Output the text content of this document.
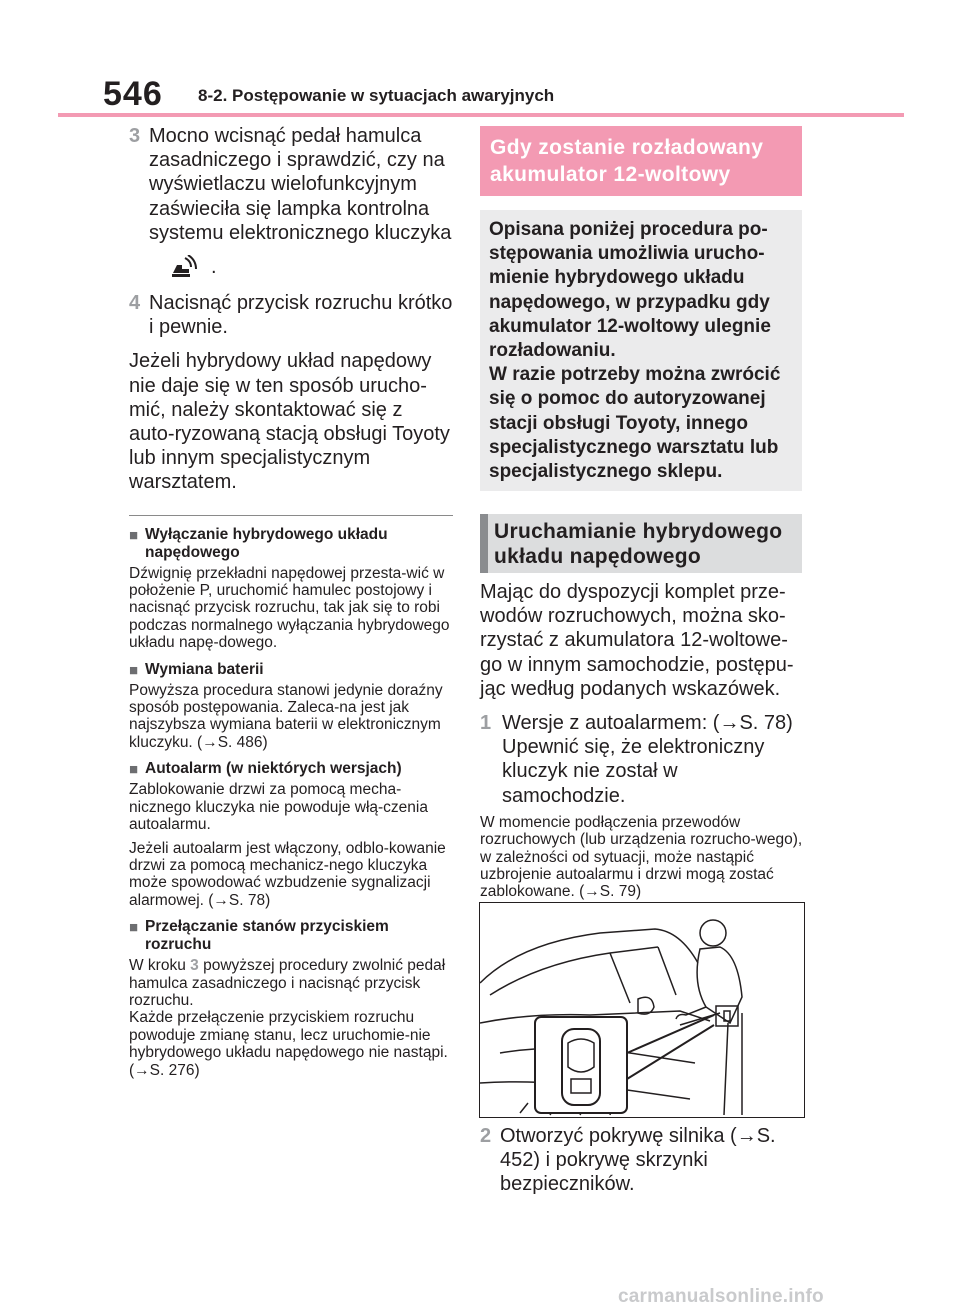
546 8-2. Postępowanie w sytuacjach awaryjnych
3 Mocno wcisnąć pedał hamulca zasadniczego i sprawdzić, czy na wyświetlaczu wielofunkcyjnym zaświeciła się lampka kontrolna systemu elektronicznego kluczyka
.
4 Nacisnąć przycisk rozruchu krótko i pewnie.
Jeżeli hybrydowy układ napędowy nie daje się w ten sposób urucho-mić, należy skontaktować się z auto-ryzowaną stacją obsługi Toyoty lub innym specjalistycznym warsztatem.
■ Wyłączanie hybrydowego układu napędowego
Dźwignię przekładni napędowej przesta-wić w położenie P, uruchomić hamulec postojowy i nacisnąć przycisk rozruchu, tak jak się to robi podczas normalnego wyłączania hybrydowego układu napę-dowego.
■ Wymiana baterii
Powyższa procedura stanowi jedynie doraźny sposób postępowania. Zaleca-na jest jak najszybsza wymiana baterii w elektronicznym kluczyku. (→S. 486)
■ Autoalarm (w niektórych wersjach)
Zablokowanie drzwi za pomocą mecha-nicznego kluczyka nie powoduje włą-czenia autoalarmu.
Jeżeli autoalarm jest włączony, odblo-kowanie drzwi za pomocą mechanicz-nego kluczyka może spowodować wzbudzenie sygnalizacji alarmowej. (→S. 78)
■ Przełączanie stanów przyciskiem rozruchu
W kroku 3 powyższej procedury zwolnić pedał hamulca zasadniczego i nacisnąć przycisk rozruchu.
Każde przełączenie przyciskiem rozruchu powoduje zmianę stanu, lecz uruchomie-nie hybrydowego układu napędowego nie nastąpi. (→S. 276)
Gdy zostanie rozładowany akumulator 12-woltowy
Opisana poniżej procedura po-stępowania umożliwia urucho-mienie hybrydowego układu napędowego, w przypadku gdy akumulator 12-woltowy ulegnie rozładowaniu.
W razie potrzeby można zwrócić się o pomoc do autoryzowanej stacji obsługi Toyoty, innego specjalistycznego warsztatu lub specjalistycznego sklepu.
Uruchamianie hybrydowego układu napędowego
Mając do dyspozycji komplet prze-wodów rozruchowych, można sko-rzystać z akumulatora 12-woltowe-go w innym samochodzie, postępu-jąc według podanych wskazówek.
1 Wersje z autoalarmem: (→S. 78) Upewnić się, że elektroniczny kluczyk nie został w samochodzie.
W momencie podłączenia przewodów rozruchowych (lub urządzenia rozrucho-wego), w zależności od sytuacji, może nastąpić uzbrojenie autoalarmu i drzwi mogą zostać zablokowane. (→S. 79)
2 Otworzyć pokrywę silnika (→S. 452) i pokrywę skrzynki bezpieczników.
carmanualsonline.info
